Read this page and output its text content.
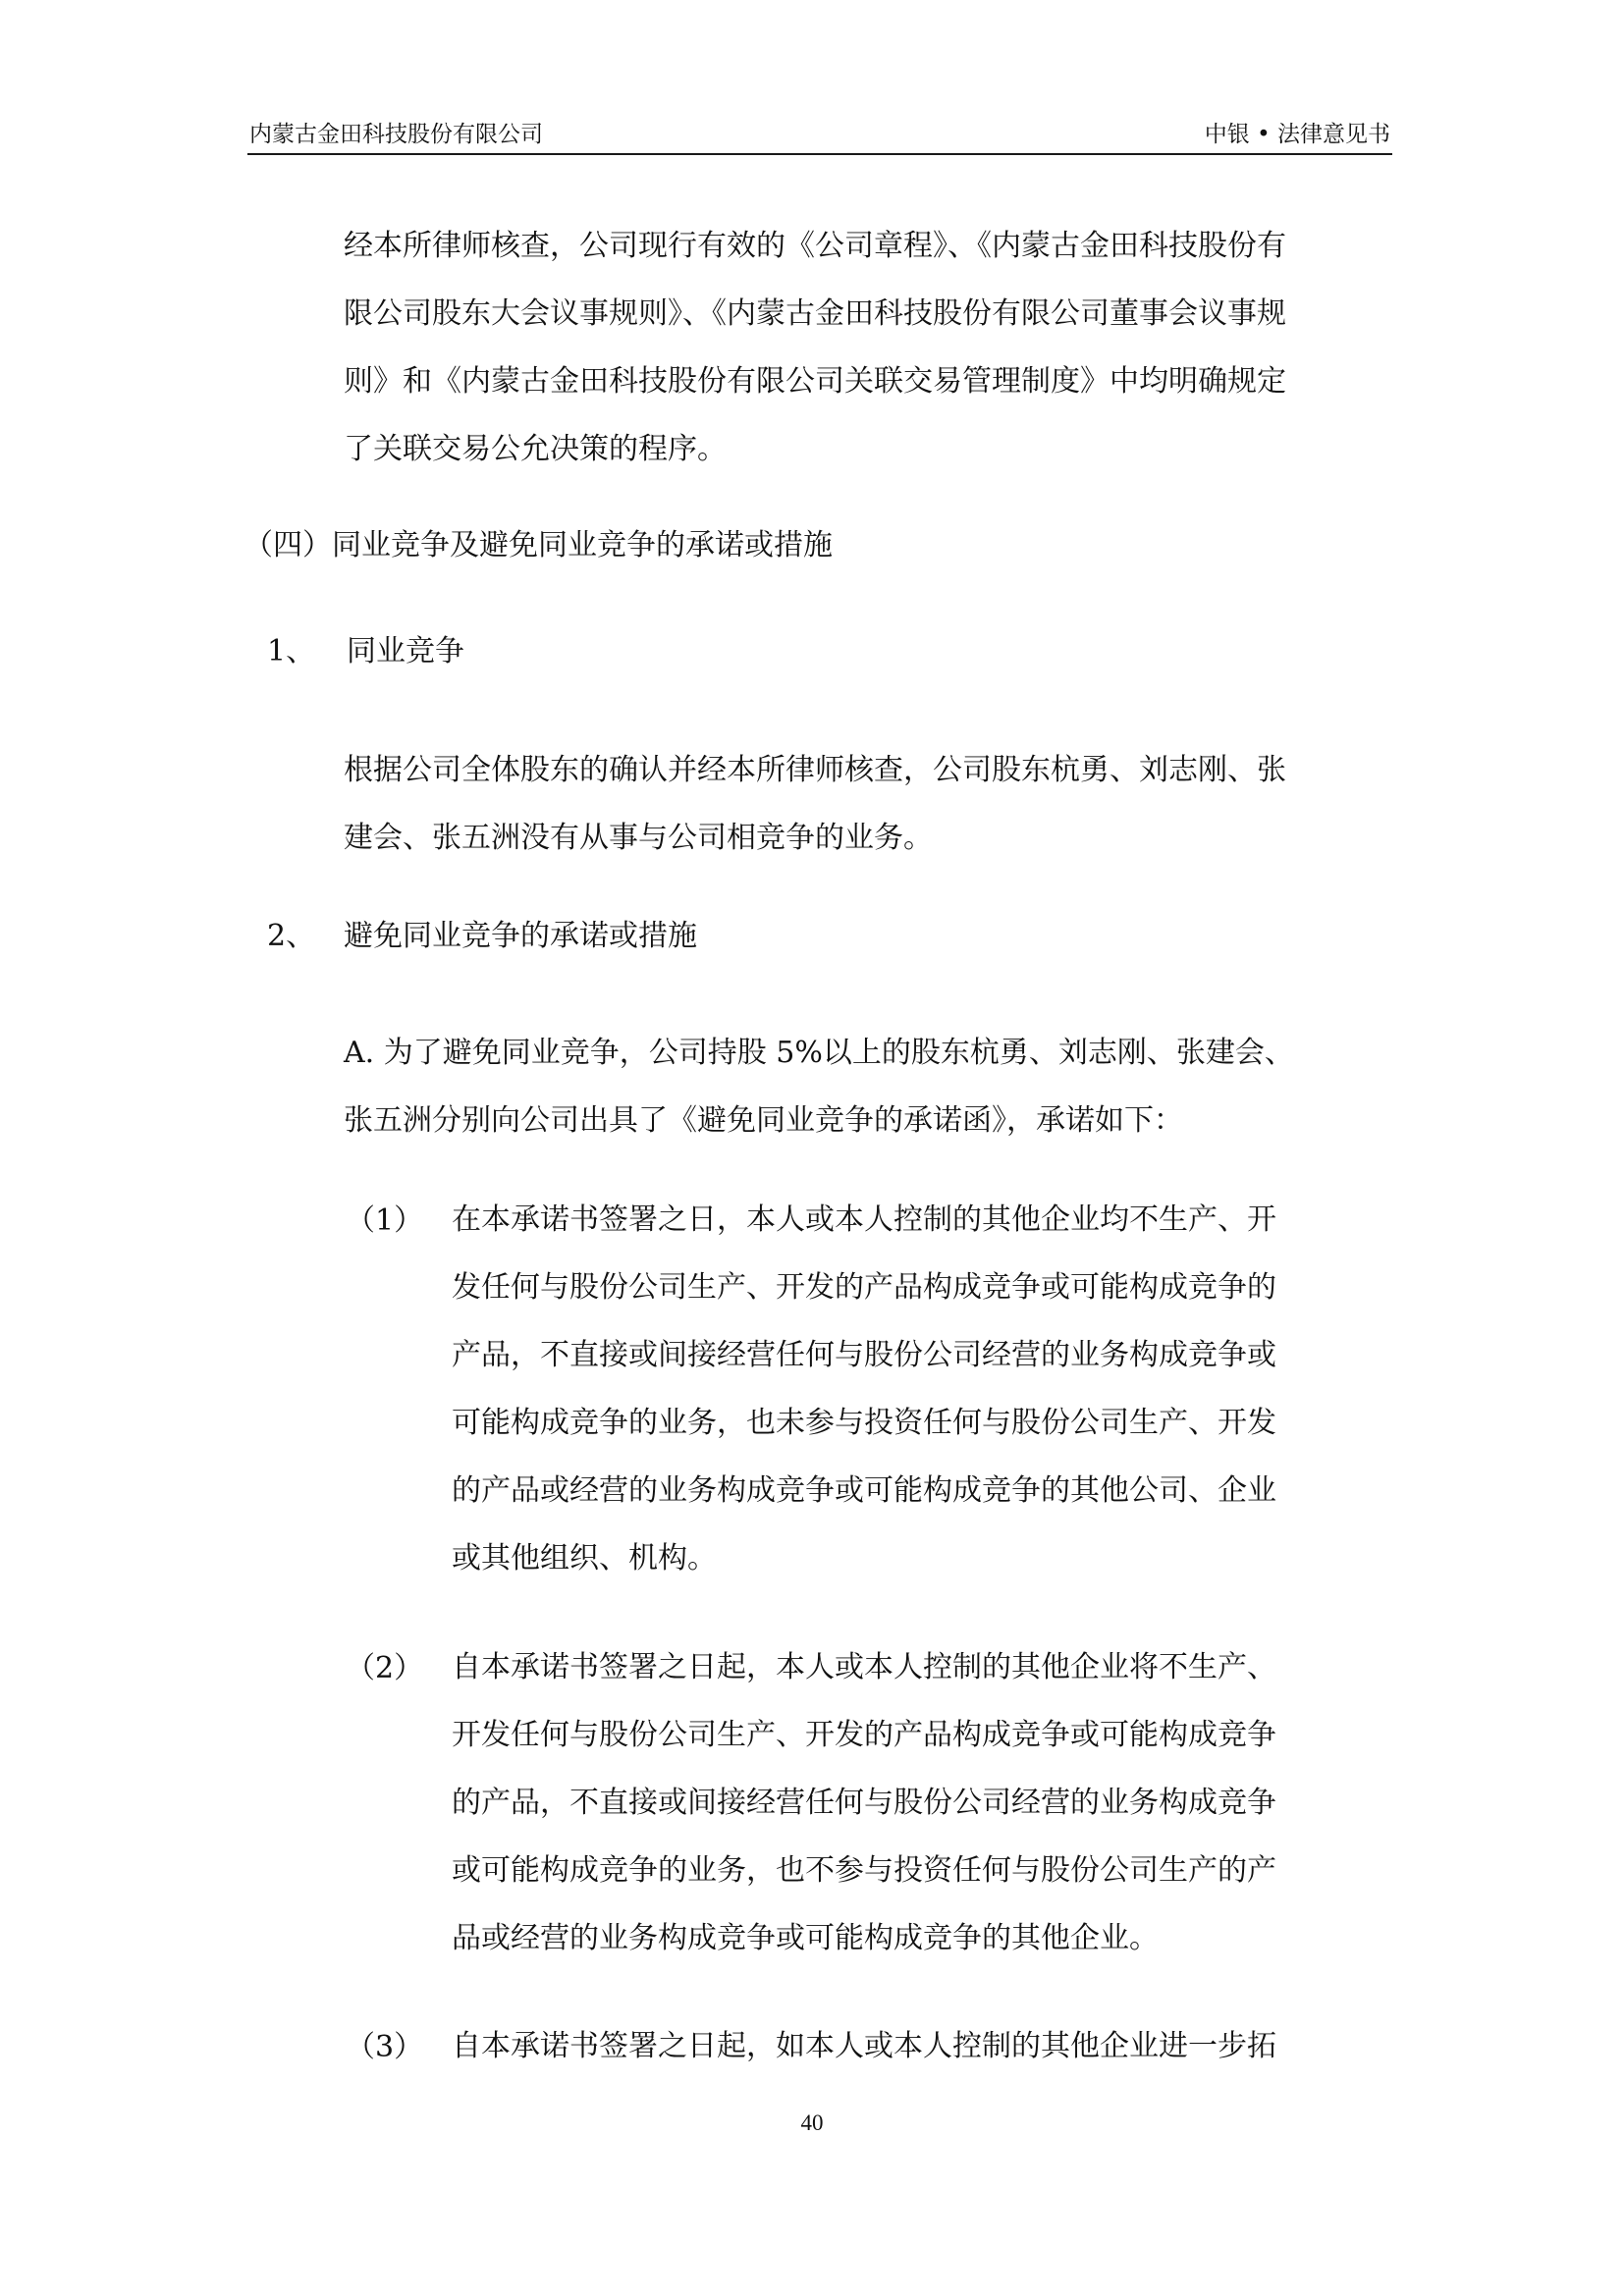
内蒙古金田科技股份有限公司	中银 • 法律意见书
经本所律师核查，公司现行有效的《公司章程》、《内蒙古金田科技股份有
限公司股东大会议事规则》、《内蒙古金田科技股份有限公司董事会议事规
则》和《内蒙古金田科技股份有限公司关联交易管理制度》中均明确规定
了关联交易公允决策的程序。
（四）同业竞争及避免同业竞争的承诺或措施
1、 同业竞争
根据公司全体股东的确认并经本所律师核查，公司股东杭勇、刘志刚、张
建会、张五洲没有从事与公司相竞争的业务。
2、 避免同业竞争的承诺或措施
A. 为了避免同业竞争，公司持股 5%以上的股东杭勇、刘志刚、张建会、
张五洲分别向公司出具了《避免同业竞争的承诺函》，承诺如下：
（1） 在本承诺书签署之日，本人或本人控制的其他企业均不生产、开
发任何与股份公司生产、开发的产品构成竞争或可能构成竞争的
产品，不直接或间接经营任何与股份公司经营的业务构成竞争或
可能构成竞争的业务，也未参与投资任何与股份公司生产、开发
的产品或经营的业务构成竞争或可能构成竞争的其他公司、企业
或其他组织、机构。
（2） 自本承诺书签署之日起，本人或本人控制的其他企业将不生产、
开发任何与股份公司生产、开发的产品构成竞争或可能构成竞争
的产品，不直接或间接经营任何与股份公司经营的业务构成竞争
或可能构成竞争的业务，也不参与投资任何与股份公司生产的产
品或经营的业务构成竞争或可能构成竞争的其他企业。
（3） 自本承诺书签署之日起，如本人或本人控制的其他企业进一步拓
40
